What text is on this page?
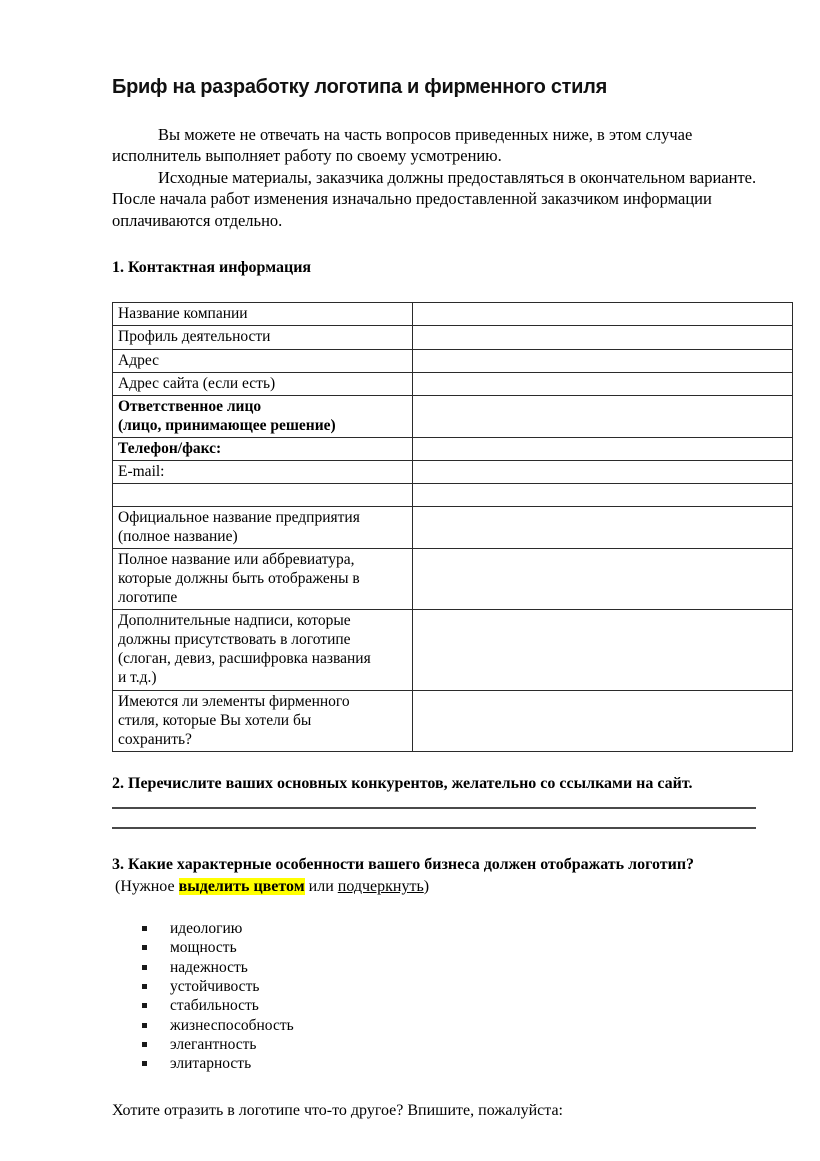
Бриф на разработку логотипа и фирменного стиля

Вы можете не отвечать на часть вопросов приведенных ниже, в этом случае исполнитель выполняет работу по своему усмотрению.

Исходные материалы, заказчика должны предоставляться в окончательном варианте. После начала работ изменения изначально предоставленной заказчиком информации оплачиваются отдельно.

1. Контактная информация
Название компании	

Профиль деятельности	

Адрес	

Адрес сайта (если есть)	

Ответственное лицо
(лицо, принимающее решение)	

Телефон/факс:	

E-mail:	

Официальное название предприятия
(полное название)	

Полное название или аббревиатура,
которые должны быть отображены в
логотипе	

Дополнительные надписи, которые
должны присутствовать в логотипе
(слоган, девиз, расшифровка названия
и т.д.)	

Имеются ли элементы фирменного
стиля, которые Вы хотели бы
сохранить?	

2. Перечислите ваших основных конкурентов, желательно со ссылками на сайт.
3. Какие характерные особенности вашего бизнеса должен отображать логотип?
(Нужное выделить цветом или подчеркнуть)
идеологию
мощность
надежность
устойчивость
стабильность
жизнеспособность
элегантность
элитарность
Хотите отразить в логотипе что-то другое? Впишите, пожалуйста:
